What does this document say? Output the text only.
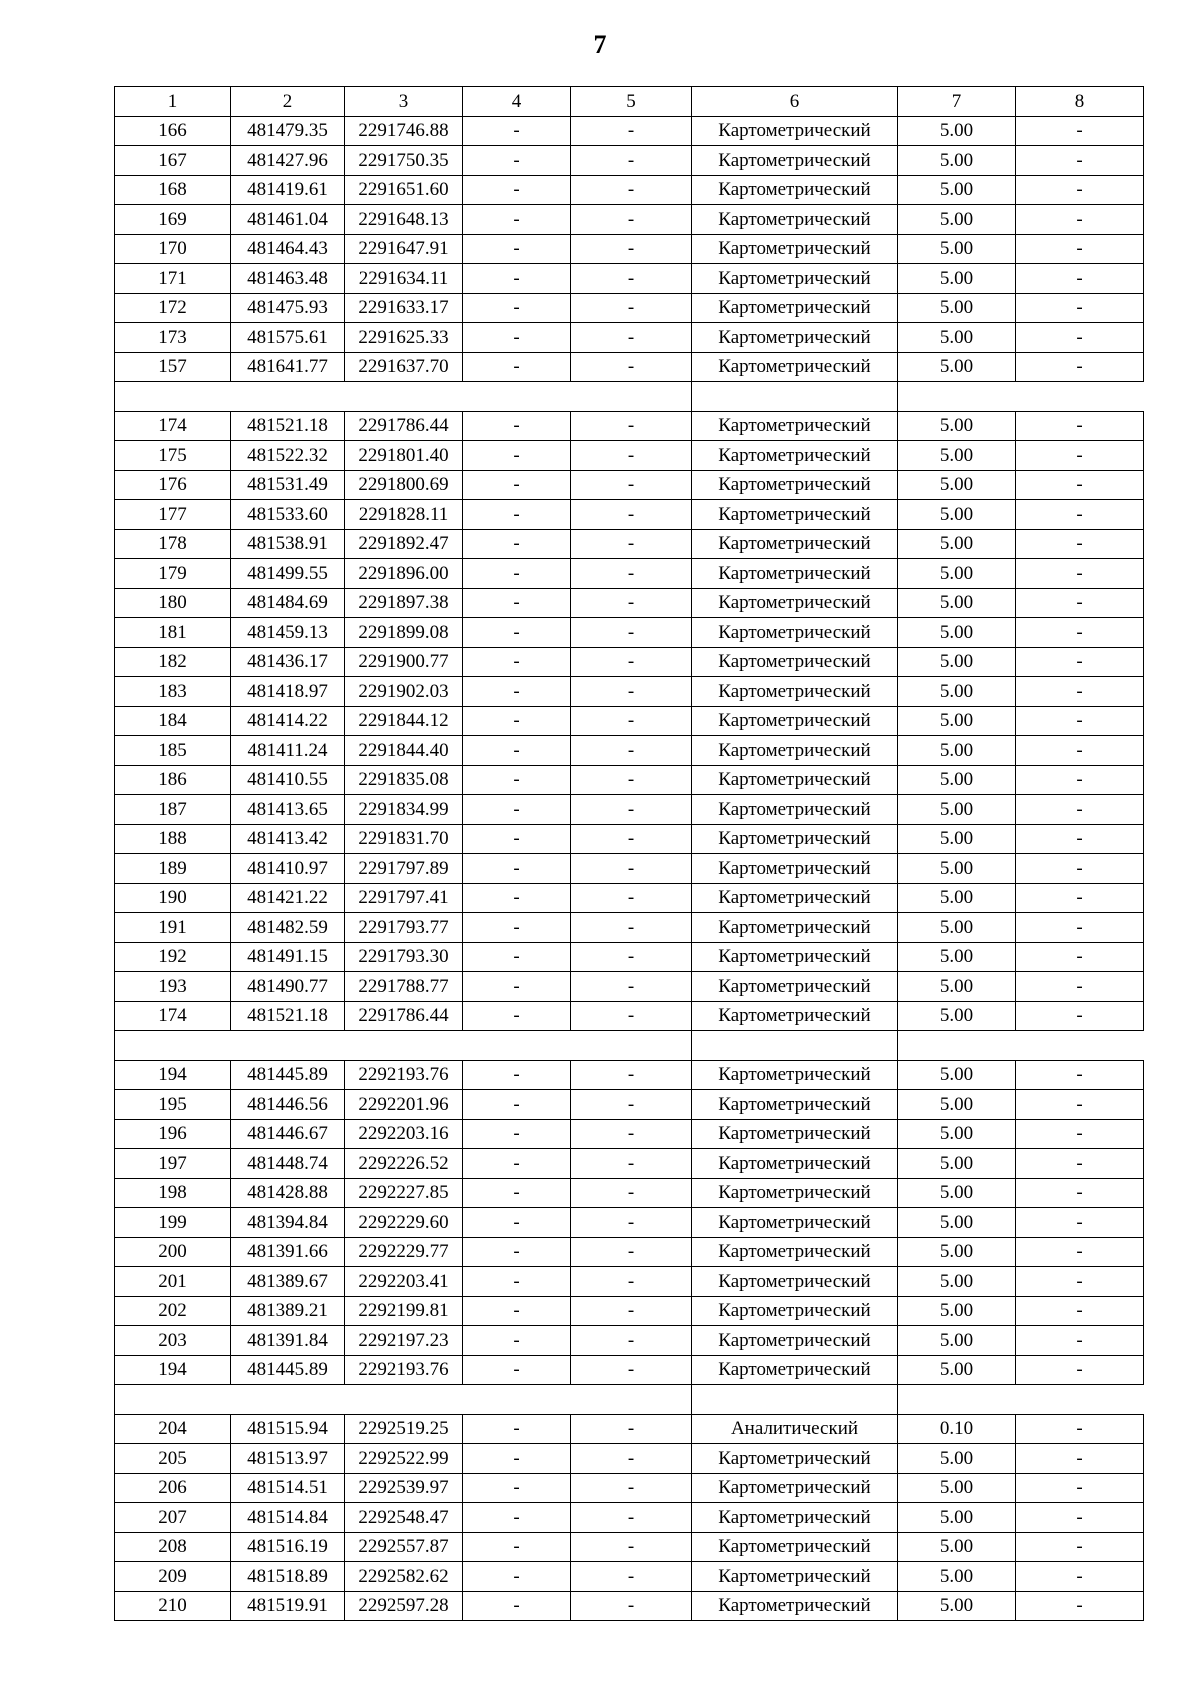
7
1	2	3	4	5	6	7	8
166	481479.35	2291746.88	-	-	Картометрический	5.00	-
167	481427.96	2291750.35	-	-	Картометрический	5.00	-
168	481419.61	2291651.60	-	-	Картометрический	5.00	-
169	481461.04	2291648.13	-	-	Картометрический	5.00	-
170	481464.43	2291647.91	-	-	Картометрический	5.00	-
171	481463.48	2291634.11	-	-	Картометрический	5.00	-
172	481475.93	2291633.17	-	-	Картометрический	5.00	-
173	481575.61	2291625.33	-	-	Картометрический	5.00	-
157	481641.77	2291637.70	-	-	Картометрический	5.00	-

174	481521.18	2291786.44	-	-	Картометрический	5.00	-
175	481522.32	2291801.40	-	-	Картометрический	5.00	-
176	481531.49	2291800.69	-	-	Картометрический	5.00	-
177	481533.60	2291828.11	-	-	Картометрический	5.00	-
178	481538.91	2291892.47	-	-	Картометрический	5.00	-
179	481499.55	2291896.00	-	-	Картометрический	5.00	-
180	481484.69	2291897.38	-	-	Картометрический	5.00	-
181	481459.13	2291899.08	-	-	Картометрический	5.00	-
182	481436.17	2291900.77	-	-	Картометрический	5.00	-
183	481418.97	2291902.03	-	-	Картометрический	5.00	-
184	481414.22	2291844.12	-	-	Картометрический	5.00	-
185	481411.24	2291844.40	-	-	Картометрический	5.00	-
186	481410.55	2291835.08	-	-	Картометрический	5.00	-
187	481413.65	2291834.99	-	-	Картометрический	5.00	-
188	481413.42	2291831.70	-	-	Картометрический	5.00	-
189	481410.97	2291797.89	-	-	Картометрический	5.00	-
190	481421.22	2291797.41	-	-	Картометрический	5.00	-
191	481482.59	2291793.77	-	-	Картометрический	5.00	-
192	481491.15	2291793.30	-	-	Картометрический	5.00	-
193	481490.77	2291788.77	-	-	Картометрический	5.00	-
174	481521.18	2291786.44	-	-	Картометрический	5.00	-

194	481445.89	2292193.76	-	-	Картометрический	5.00	-
195	481446.56	2292201.96	-	-	Картометрический	5.00	-
196	481446.67	2292203.16	-	-	Картометрический	5.00	-
197	481448.74	2292226.52	-	-	Картометрический	5.00	-
198	481428.88	2292227.85	-	-	Картометрический	5.00	-
199	481394.84	2292229.60	-	-	Картометрический	5.00	-
200	481391.66	2292229.77	-	-	Картометрический	5.00	-
201	481389.67	2292203.41	-	-	Картометрический	5.00	-
202	481389.21	2292199.81	-	-	Картометрический	5.00	-
203	481391.84	2292197.23	-	-	Картометрический	5.00	-
194	481445.89	2292193.76	-	-	Картометрический	5.00	-

204	481515.94	2292519.25	-	-	Аналитический	0.10	-
205	481513.97	2292522.99	-	-	Картометрический	5.00	-
206	481514.51	2292539.97	-	-	Картометрический	5.00	-
207	481514.84	2292548.47	-	-	Картометрический	5.00	-
208	481516.19	2292557.87	-	-	Картометрический	5.00	-
209	481518.89	2292582.62	-	-	Картометрический	5.00	-
210	481519.91	2292597.28	-	-	Картометрический	5.00	-
